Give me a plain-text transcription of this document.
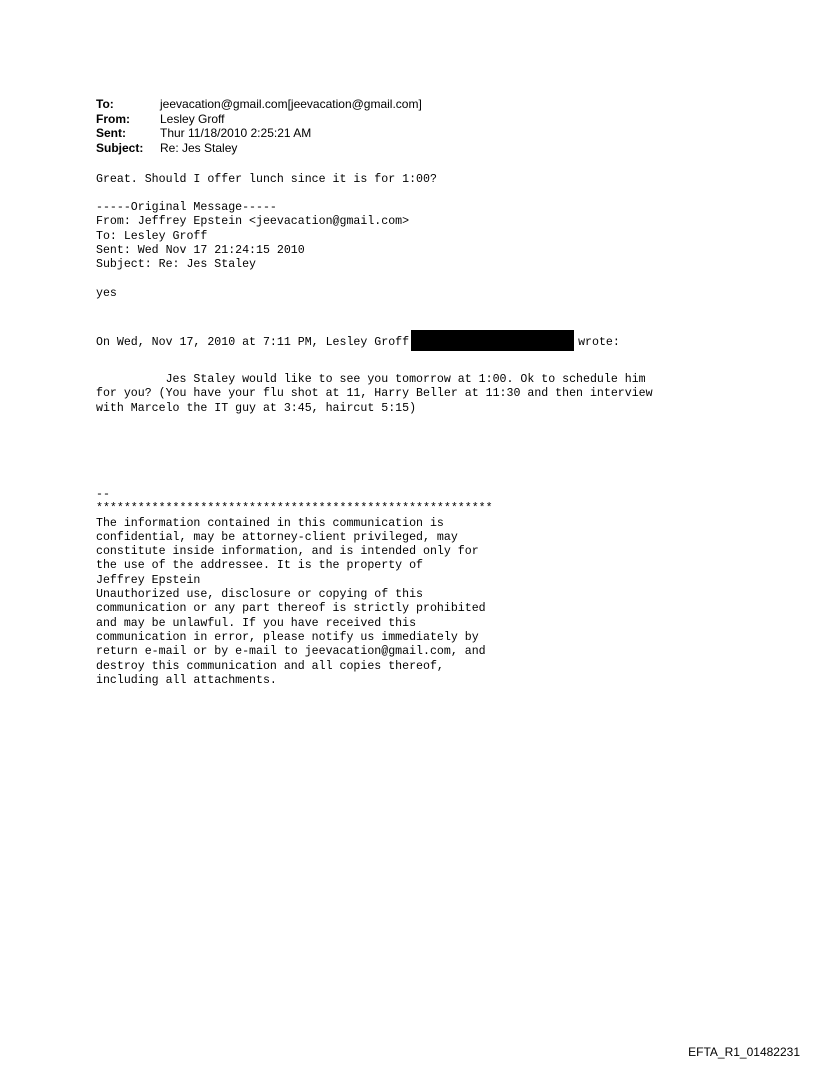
To:	jeevacation@gmail.com[jeevacation@gmail.com]
From:	Lesley Groff
Sent:	Thur 11/18/2010 2:25:21 AM
Subject:	Re: Jes Staley
Great. Should I offer lunch since it is for 1:00?
-----Original Message-----
From: Jeffrey Epstein <jeevacation@gmail.com>
To: Lesley Groff
Sent: Wed Nov 17 21:24:15 2010
Subject: Re: Jes Staley
yes
On Wed, Nov 17, 2010 at 7:11 PM, Lesley Groff	wrote:
Jes Staley would like to see you tomorrow at 1:00. Ok to schedule him
for you? (You have your flu shot at 11, Harry Beller at 11:30 and then interview
with Marcelo the IT guy at 3:45, haircut 5:15)
--
*********************************************************
The information contained in this communication is
confidential, may be attorney-client privileged, may
constitute inside information, and is intended only for
the use of the addressee. It is the property of
Jeffrey Epstein
Unauthorized use, disclosure or copying of this
communication or any part thereof is strictly prohibited
and may be unlawful. If you have received this
communication in error, please notify us immediately by
return e-mail or by e-mail to jeevacation@gmail.com, and
destroy this communication and all copies thereof,
including all attachments.
EFTA_R1_01482231
